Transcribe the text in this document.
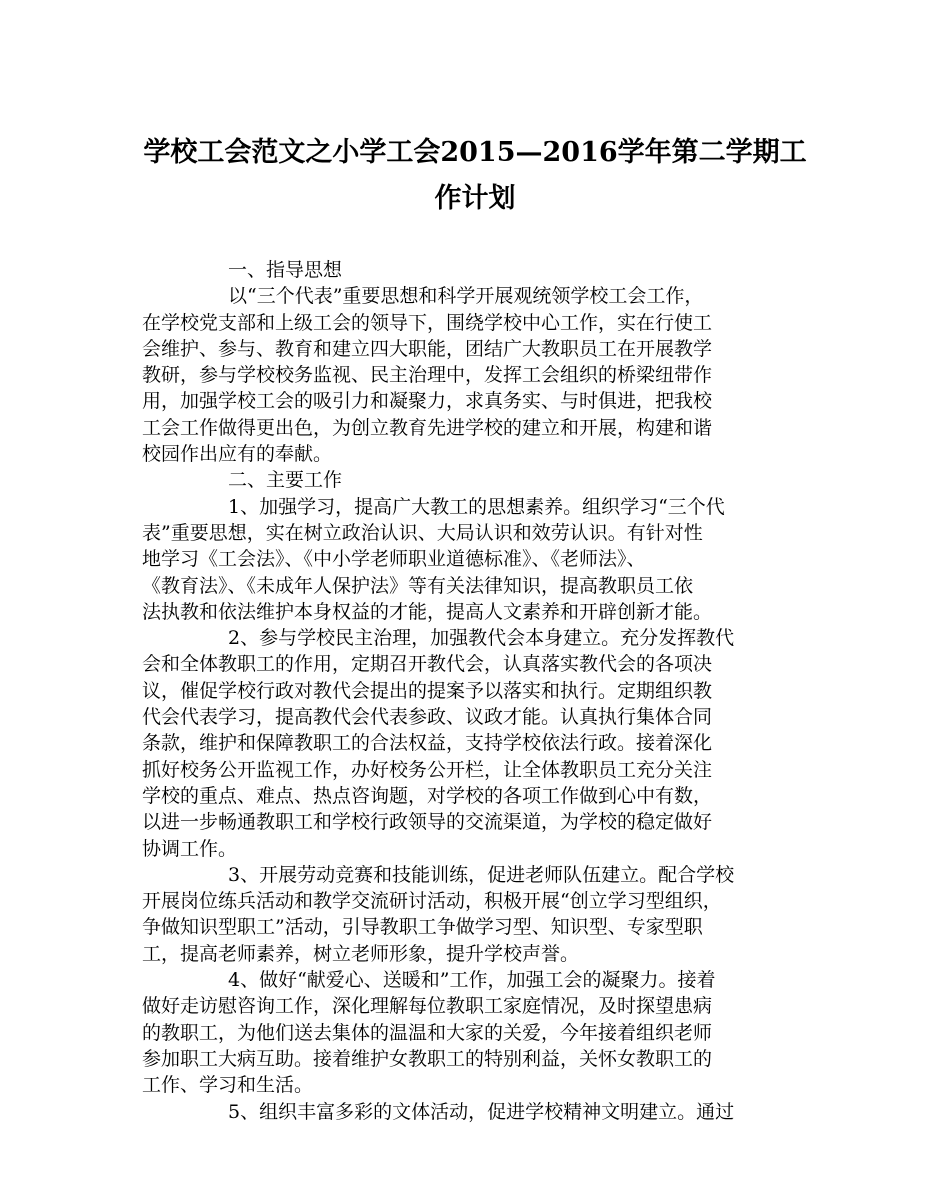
学校工会范文之小学工会2015—2016学年第二学期工
作计划
一、指导思想
以“三个代表”重要思想和科学开展观统领学校工会工作，
在学校党支部和上级工会的领导下，围绕学校中心工作，实在行使工
会维护、参与、教育和建立四大职能，团结广大教职员工在开展教学
教研，参与学校校务监视、民主治理中，发挥工会组织的桥梁纽带作
用，加强学校工会的吸引力和凝聚力，求真务实、与时俱进，把我校
工会工作做得更出色，为创立教育先进学校的建立和开展，构建和谐
校园作出应有的奉献。
二、主要工作
1、加强学习，提高广大教工的思想素养。组织学习“三个代
表”重要思想，实在树立政治认识、大局认识和效劳认识。有针对性
地学习《工会法》、《中小学老师职业道德标准》、《老师法》、
《教育法》、《未成年人保护法》等有关法律知识，提高教职员工依
法执教和依法维护本身权益的才能，提高人文素养和开辟创新才能。
2、参与学校民主治理，加强教代会本身建立。充分发挥教代
会和全体教职工的作用，定期召开教代会，认真落实教代会的各项决
议，催促学校行政对教代会提出的提案予以落实和执行。定期组织教
代会代表学习，提高教代会代表参政、议政才能。认真执行集体合同
条款，维护和保障教职工的合法权益，支持学校依法行政。接着深化
抓好校务公开监视工作，办好校务公开栏，让全体教职员工充分关注
学校的重点、难点、热点咨询题，对学校的各项工作做到心中有数，
以进一步畅通教职工和学校行政领导的交流渠道，为学校的稳定做好
协调工作。
3、开展劳动竞赛和技能训练，促进老师队伍建立。配合学校
开展岗位练兵活动和教学交流研讨活动，积极开展“创立学习型组织，
争做知识型职工”活动，引导教职工争做学习型、知识型、专家型职
工，提高老师素养，树立老师形象，提升学校声誉。
4、做好“献爱心、送暖和”工作，加强工会的凝聚力。接着
做好走访慰咨询工作，深化理解每位教职工家庭情况，及时探望患病
的教职工，为他们送去集体的温温和大家的关爱，今年接着组织老师
参加职工大病互助。接着维护女教职工的特别利益，关怀女教职工的
工作、学习和生活。
5、组织丰富多彩的文体活动，促进学校精神文明建立。通过
